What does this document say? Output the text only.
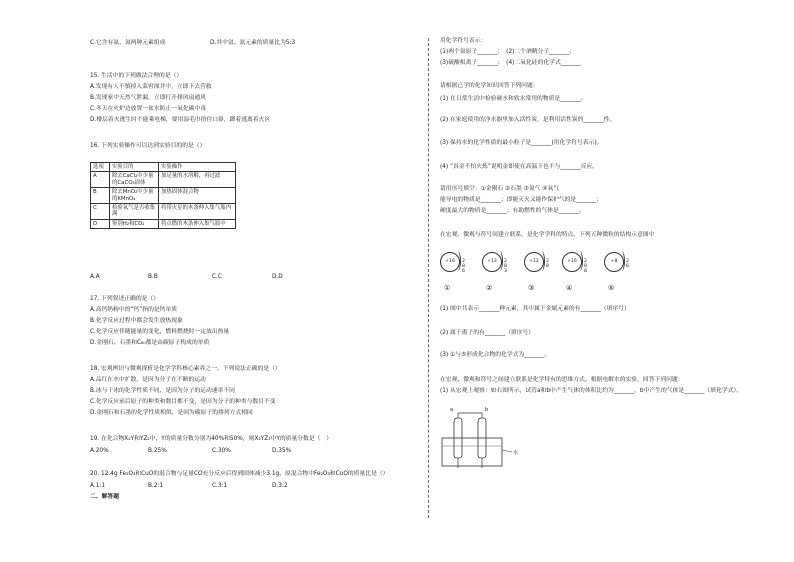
C.它含有氨、氮两种元素组成	D.其中氨、氮元素的质量比为5:3
15. 生活中的下列做法合理的是（）
A.发现有人不慎掉入菜窖深井中，立即下去营救
B.发现家中天然气泄漏，立即打开排风扇通风
C.冬天在火炉边放置一盆水防止一氧化碳中毒
D.楼层着火逃生时不能乘电梯，要用湿毛巾捂住口鼻，蹲着逃离着火区
16. 下列实验操作可以达到实验目的的是（）
选项	实验目的	实验操作
A	除去CaCl₂中少量的CaCO₃固体	加足量的水溶解，再过滤
B	除去MnO₂中少量的KMnO₄	加热固体混合物
C	检验氧气是否收集满	将带火星的木条伸入集气瓶内
D	鉴别H₂和CO₂	将点燃的木条伸入集气瓶中
A.A	B.B	C.C	D.D
17. 下列叙述正确的是（）
A.高钙奶粉中的“钙”指的是钙单质
B.化学反应过程中都会发生放热现象
C.化学反应伴随能量的变化，燃料燃烧时一定放出热量
D.金刚石、石墨和C₆₀都是由碳原子构成的单质
18. 宏观辨识与微观探析是化学学科核心素养之一。下列说法正确的是（）
A.品红在水中扩散，是因为分子在不断的运动
B.冰与干冰的化学性质不同，是因为分子的运动速率不同
C.化学反应前后原子的种类和数目都不变，是因为分子的种类与数目不变
D.金刚石和石墨的化学性质相似，是因为碳原子的排列方式相同
19. 在化合物X₂Y和YZ₂中，Y的质量分数分别为40%和50%，则X₂YZ₃中Y的质量分数是（　）
A.20%	B.25%	C.30%	D.35%
20. 12.4g Fe₂O₃和CuO的混合物与足量CO充分反应后得到固体减少3.1g，原混合物中Fe₂O₃和CuO的质量比是（）
A.1:1	B.2:1	C.3:1	D.3:2
二、解答题
用化学符号表示：
(1)两个氮原子_______；　(2)二个酒精分子_______；
(3)硫酸根离子_______；　(4)二氧化硅的化学式_______
请根据已学的化学知识回答下列问题：
(1) 在日常生活中检验硬水和软水常用的物质是_______。
(2) 在家庭使用的净水器里加入活性炭，是利用活性炭的_______性。
(3) 保持水的化学性质的最小粒子是_______(用化学符号表示)。
(4) “真金不怕火炼”说明金即使在高温下也不与_______反应。
请用序号填空：①金刚石 ②石墨 ③氮气 ④氧气
能导电的物质是_______；即能灭火又能作保护气的是_______；
硬度最大的物质是_______；有助燃性的气体是_______。
在宏观、微观与符号间建立联系，是化学学科的特点。下列五种微粒的结构示意图中
+16	2 8 6
①
+13	2 8 3
②
+12	2 8
③
+16	2 8 8
④
+8	2 6
⑤
(1) 图中共表示_______种元素，其中属于金属元素的有_______（填序号）
(2) 属于离子的有_______（填序号）
(3) ①与⑤形成化合物的化学式为_______。
在宏观、微观和符号之间建立联系是化学特有的思维方式。根据电解水的实验，回答下列问题：
(1) 从宏观上观察：如右图所示，试管a和b中产生气体的体积比约为_______，b中产生的气体是_______（填化学式）。
a	b
水
